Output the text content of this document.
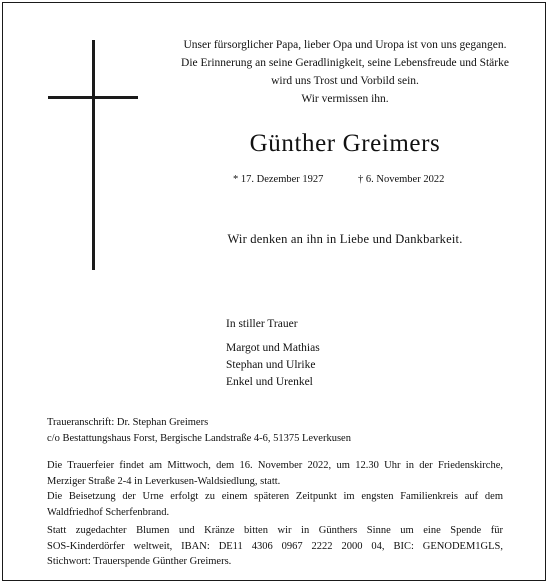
Unser fürsorglicher Papa, lieber Opa und Uropa ist von uns gegangen.
Die Erinnerung an seine Geradlinigkeit, seine Lebensfreude und Stärke
wird uns Trost und Vorbild sein.
Wir vermissen ihn.
Günther Greimers
* 17. Dezember 1927	† 6. November 2022
Wir denken an ihn in Liebe und Dankbarkeit.
In stiller Trauer
Margot und Mathias
Stephan und Ulrike
Enkel und Urenkel
Traueranschrift: Dr. Stephan Greimers
c/o Bestattungshaus Forst, Bergische Landstraße 4-6, 51375 Leverkusen
Die Trauerfeier findet am Mittwoch, dem 16. November 2022, um 12.30 Uhr in der Friedenskirche,
Merziger Straße 2-4 in Leverkusen-Waldsiedlung, statt.
Die Beisetzung der Urne erfolgt zu einem späteren Zeitpunkt im engsten Familienkreis auf dem
Waldfriedhof Scherfenbrand.
Statt zugedachter Blumen und Kränze bitten wir in Günthers Sinne um eine Spende für
SOS-Kinderdörfer weltweit, IBAN: DE11 4306 0967 2222 2000 04, BIC: GENODEM1GLS,
Stichwort: Trauerspende Günther Greimers.
